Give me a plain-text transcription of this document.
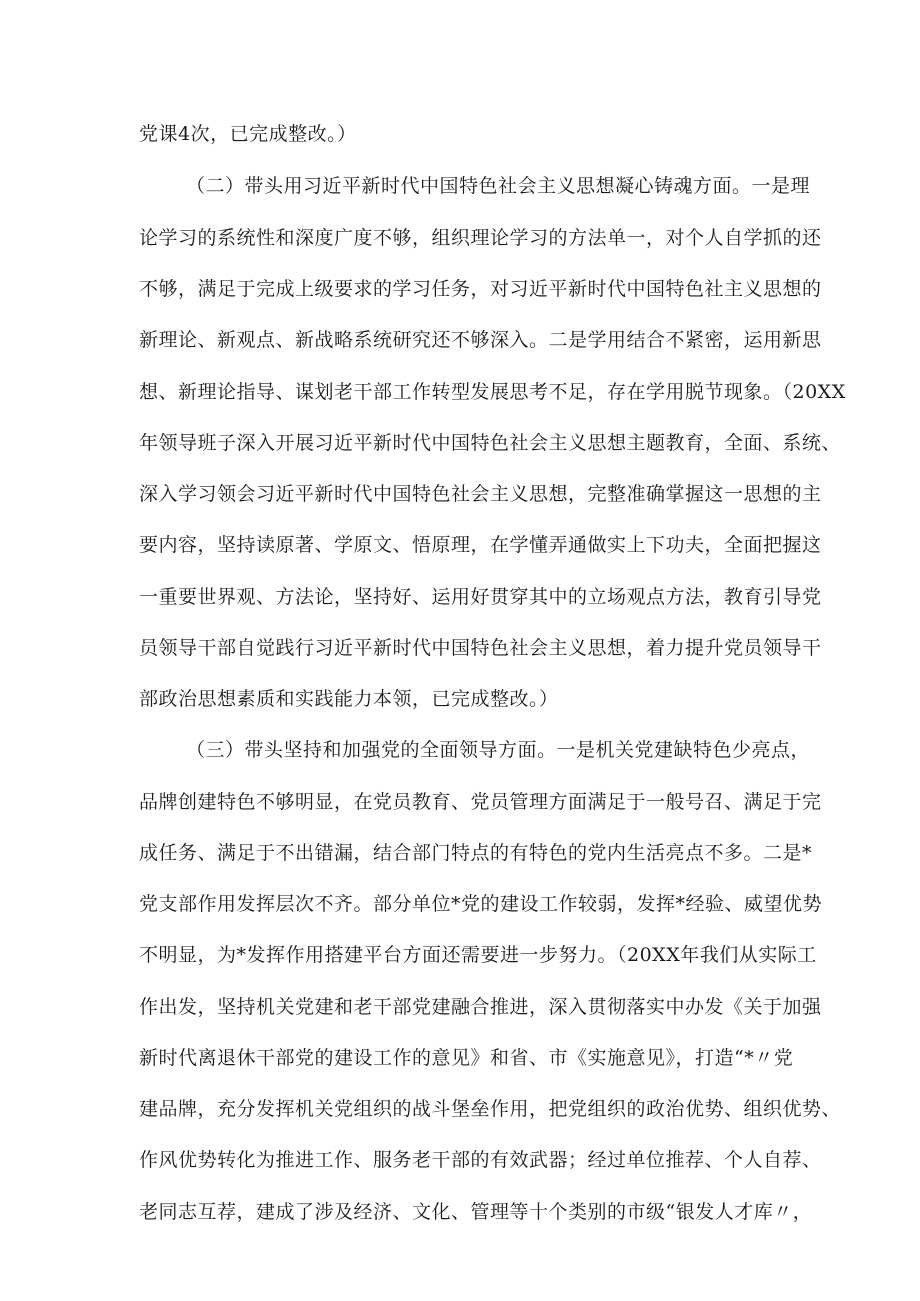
党课4次，已完成整改。）
（二）带头用习近平新时代中国特色社会主义思想凝心铸魂方面。一是理
论学习的系统性和深度广度不够，组织理论学习的方法单一，对个人自学抓的还
不够，满足于完成上级要求的学习任务，对习近平新时代中国特色社主义思想的
新理论、新观点、新战略系统研究还不够深入。二是学用结合不紧密，运用新思
想、新理论指导、谋划老干部工作转型发展思考不足，存在学用脱节现象。（20XX
年领导班子深入开展习近平新时代中国特色社会主义思想主题教育，全面、系统、
深入学习领会习近平新时代中国特色社会主义思想，完整准确掌握这一思想的主
要内容，坚持读原著、学原文、悟原理，在学懂弄通做实上下功夫，全面把握这
一重要世界观、方法论，坚持好、运用好贯穿其中的立场观点方法，教育引导党
员领导干部自觉践行习近平新时代中国特色社会主义思想，着力提升党员领导干
部政治思想素质和实践能力本领，已完成整改。）
（三）带头坚持和加强党的全面领导方面。一是机关党建缺特色少亮点，
品牌创建特色不够明显，在党员教育、党员管理方面满足于一般号召、满足于完
成任务、满足于不出错漏，结合部门特点的有特色的党内生活亮点不多。二是*
党支部作用发挥层次不齐。部分单位*党的建设工作较弱，发挥*经验、威望优势
不明显，为*发挥作用搭建平台方面还需要进一步努力。（20XX年我们从实际工
作出发，坚持机关党建和老干部党建融合推进，深入贯彻落实中办发《关于加强
新时代离退休干部党的建设工作的意见》和省、市《实施意见》，打造“*〃党
建品牌，充分发挥机关党组织的战斗堡垒作用，把党组织的政治优势、组织优势、
作风优势转化为推进工作、服务老干部的有效武器；经过单位推荐、个人自荐、
老同志互荐，建成了涉及经济、文化、管理等十个类别的市级“银发人才库〃，
